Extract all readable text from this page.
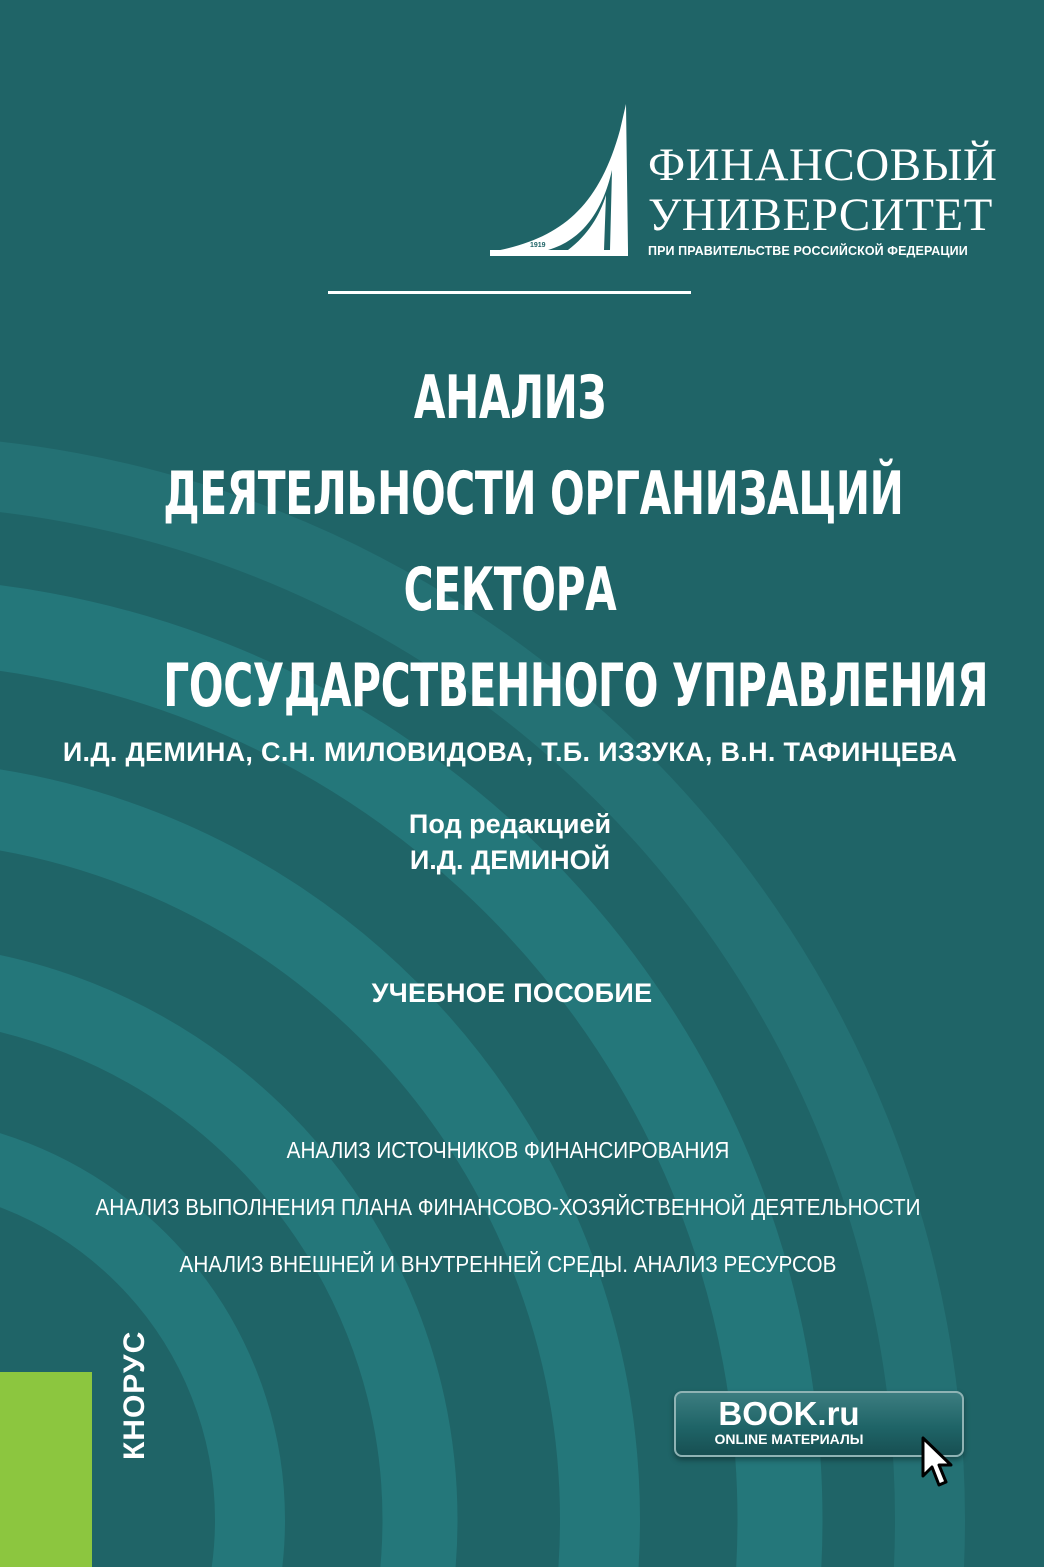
1919
ФИНАНСОВЫЙ
УНИВЕРСИТЕТ
ПРИ ПРАВИТЕЛЬСТВЕ РОССИЙСКОЙ ФЕДЕРАЦИИ
АНАЛИЗ
ДЕЯТЕЛЬНОСТИ ОРГАНИЗАЦИЙ
СЕКТОРА
ГОСУДАРСТВЕННОГО УПРАВЛЕНИЯ
И.Д. ДЕМИНА, С.Н. МИЛОВИДОВА, Т.Б. ИЗЗУКА, В.Н. ТАФИНЦЕВА
Под редакцией
И.Д. ДЕМИНОЙ
УЧЕБНОЕ ПОСОБИЕ
АНАЛИЗ ИСТОЧНИКОВ ФИНАНСИРОВАНИЯ
АНАЛИЗ ВЫПОЛНЕНИЯ ПЛАНА ФИНАНСОВО-ХОЗЯЙСТВЕННОЙ ДЕЯТЕЛЬНОСТИ
АНАЛИЗ ВНЕШНЕЙ И ВНУТРЕННЕЙ СРЕДЫ. АНАЛИЗ РЕСУРСОВ
КНОРУС	BOOK.ru
ONLINE МАТЕРИАЛЫ
